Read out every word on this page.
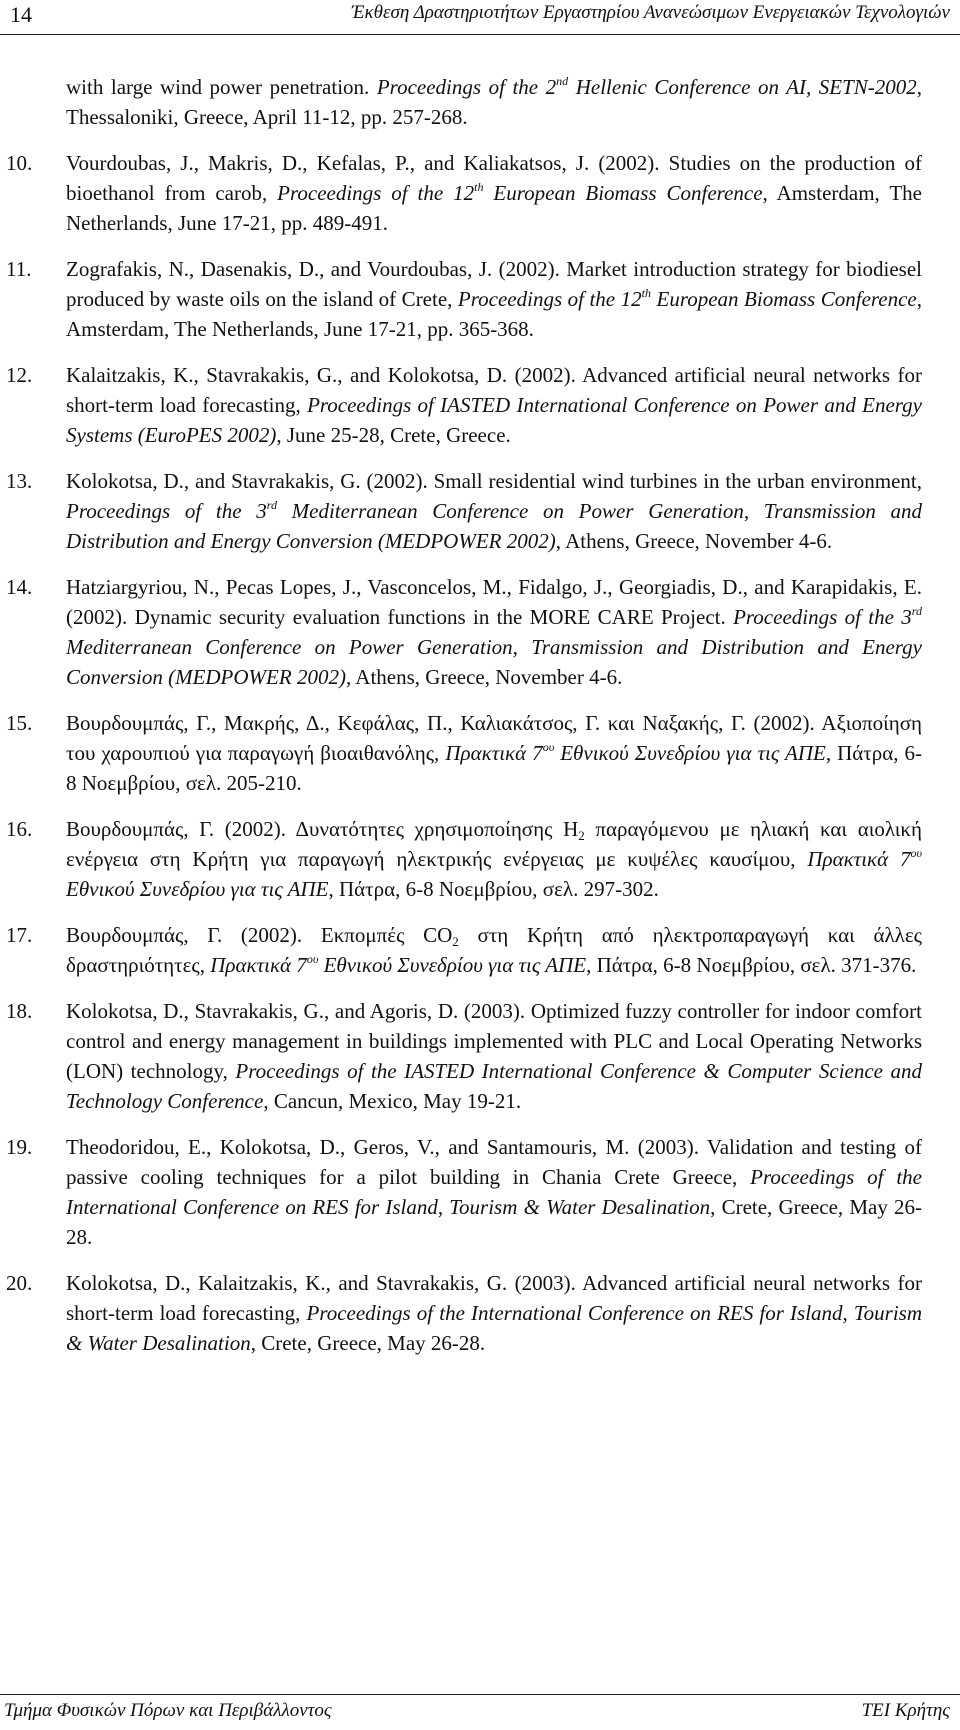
14	Έκθεση Δραστηριοτήτων Εργαστηρίου Ανανεώσιμων Ενεργειακών Τεχνολογιών
with large wind power penetration. Proceedings of the 2nd Hellenic Conference on AI, SETN-2002, Thessaloniki, Greece, April 11-12, pp. 257-268.
10.	Vourdoubas, J., Makris, D., Kefalas, P., and Kaliakatsos, J. (2002). Studies on the production of bioethanol from carob, Proceedings of the 12th European Biomass Conference, Amsterdam, The Netherlands, June 17-21, pp. 489-491.
11.	Zografakis, N., Dasenakis, D., and Vourdoubas, J. (2002). Market introduction strategy for biodiesel produced by waste oils on the island of Crete, Proceedings of the 12th European Biomass Conference, Amsterdam, The Netherlands, June 17-21, pp. 365-368.
12.	Kalaitzakis, K., Stavrakakis, G., and Kolokotsa, D. (2002). Advanced artificial neural networks for short-term load forecasting, Proceedings of IASTED International Conference on Power and Energy Systems (EuroPES 2002), June 25-28, Crete, Greece.
13.	Kolokotsa, D., and Stavrakakis, G. (2002). Small residential wind turbines in the urban environment, Proceedings of the 3rd Mediterranean Conference on Power Generation, Transmission and Distribution and Energy Conversion (MEDPOWER 2002), Athens, Greece, November 4-6.
14.	Hatziargyriou, N., Pecas Lopes, J., Vasconcelos, M., Fidalgo, J., Georgiadis, D., and Karapidakis, E. (2002). Dynamic security evaluation functions in the MORE CARE Project. Proceedings of the 3rd Mediterranean Conference on Power Generation, Transmission and Distribution and Energy Conversion (MEDPOWER 2002), Athens, Greece, November 4-6.
15.	Βουρδουμπάς, Γ., Μακρής, Δ., Κεφάλας, Π., Καλιακάτσος, Γ. και Ναξακής, Γ. (2002). Αξιοποίηση του χαρουπιού για παραγωγή βιοαιθανόλης, Πρακτικά $7^{o\upsilon}$ Εθνικού Συνεδρίου για τις ΑΠΕ, Πάτρα, 6-8 Νοεμβρίου, σελ. 205-210.
16.	Βουρδουμπάς, Γ. (2002). Δυνατότητες χρησιμοποίησης $H_2$ παραγόμενου με ηλιακή και αιολική ενέργεια στη Κρήτη για παραγωγή ηλεκτρικής ενέργειας με κυψέλες καυσίμου, Πρακτικά $7^{o\upsilon}$ Εθνικού Συνεδρίου για τις ΑΠΕ, Πάτρα, 6-8 Νοεμβρίου, σελ. 297-302.
17.	Βουρδουμπάς, Γ. (2002). Εκπομπές $CO_2$ στη Κρήτη από ηλεκτροπαραγωγή και άλλες δραστηριότητες, Πρακτικά $7^{o\upsilon}$ Εθνικού Συνεδρίου για τις ΑΠΕ, Πάτρα, 6-8 Νοεμβρίου, σελ. 371-376.
18.	Kolokotsa, D., Stavrakakis, G., and Agoris, D. (2003). Optimized fuzzy controller for indoor comfort control and energy management in buildings implemented with PLC and Local Operating Networks (LON) technology, Proceedings of the IASTED International Conference & Computer Science and Technology Conference, Cancun, Mexico, May 19-21.
19.	Theodoridou, E., Kolokotsa, D., Geros, V., and Santamouris, M. (2003). Validation and testing of passive cooling techniques for a pilot building in Chania Crete Greece, Proceedings of the International Conference on RES for Island, Tourism & Water Desalination, Crete, Greece, May 26-28.
20.	Kolokotsa, D., Kalaitzakis, K., and Stavrakakis, G. (2003). Advanced artificial neural networks for short-term load forecasting, Proceedings of the International Conference on RES for Island, Tourism & Water Desalination, Crete, Greece, May 26-28.
Τμήμα Φυσικών Πόρων και Περιβάλλοντος	ΤΕΙ Κρήτης
